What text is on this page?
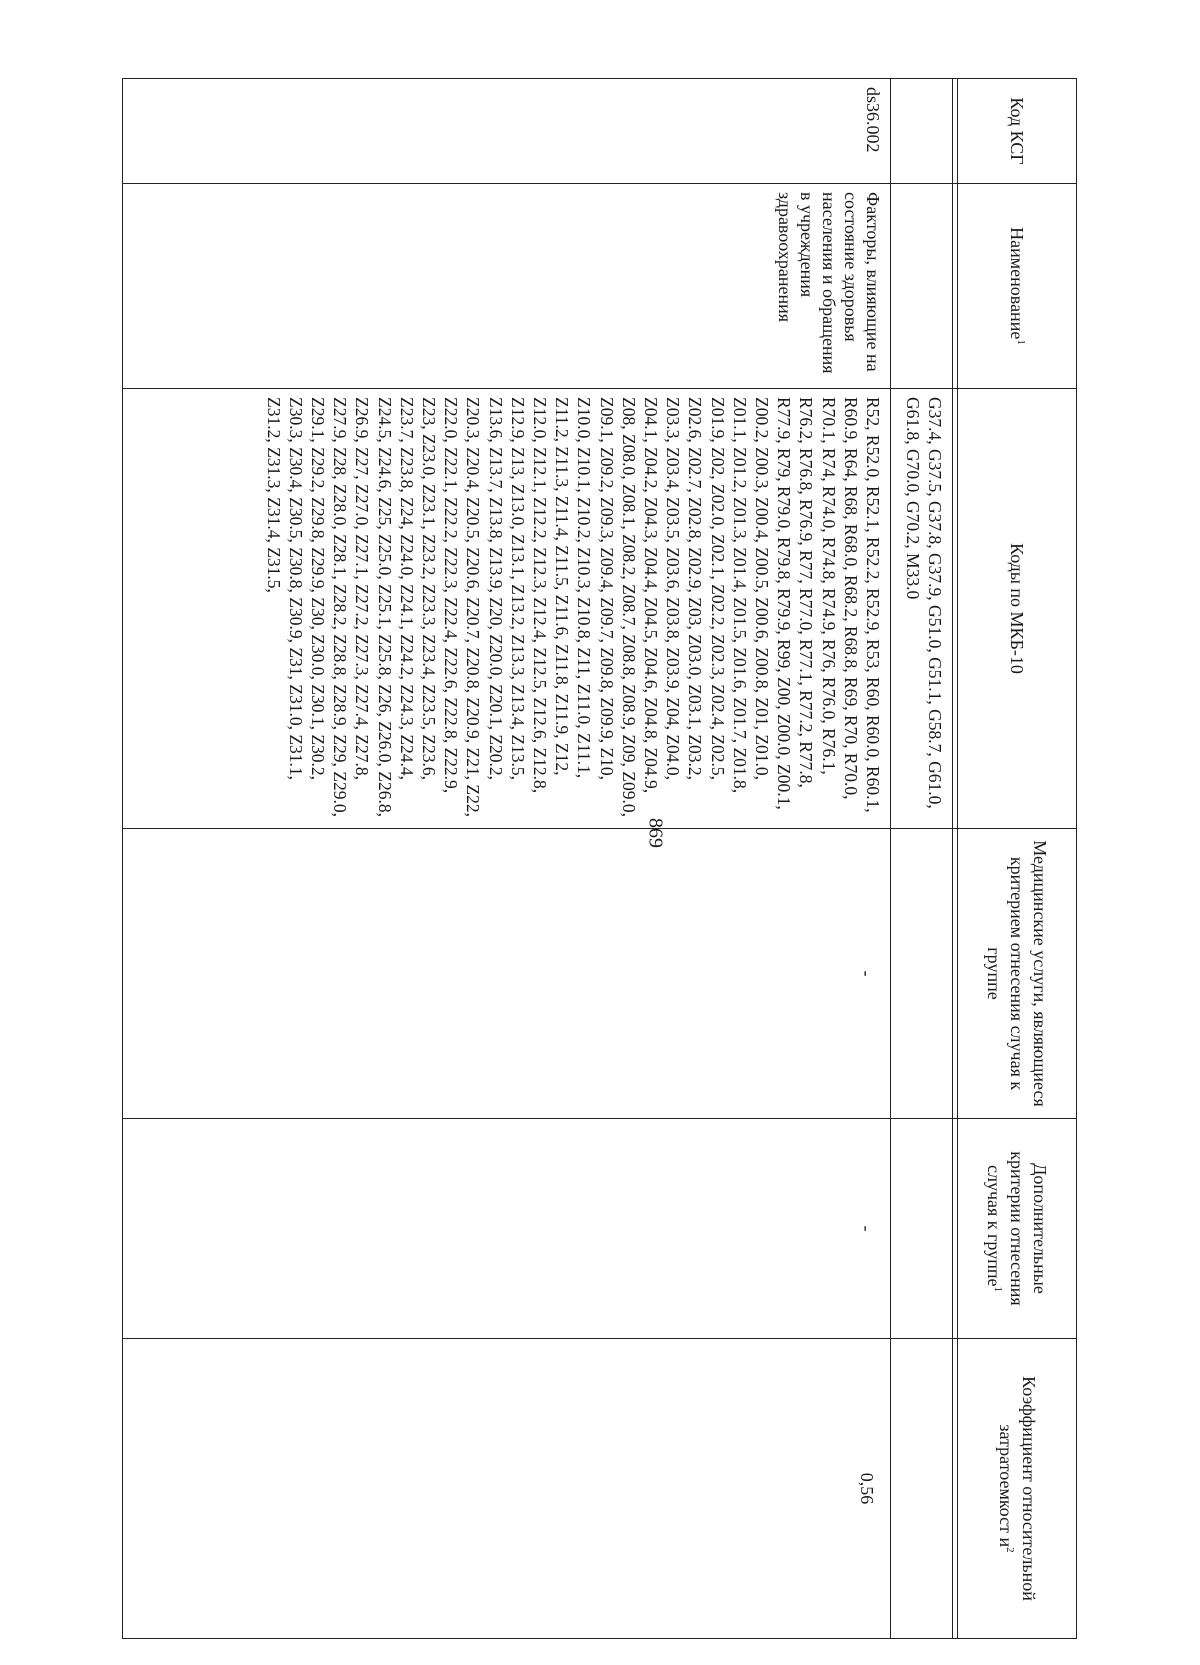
869
Код КСГ	Наименование$^1$	Коды по МКБ-10	Медицинские услуги, являющиеся критерием отнесения случая к группе	Дополнительные критерии отнесения случая к группе$^1$	Коэффициент относительной затратоемкост $и^2$

		G37.4, G37.5, G37.8, G37.9, G51.0, G51.1, G58.7, G61.0, G61.8, G70.0, G70.2, M33.0			
ds36.002	Факторы, влияющие на состояние здоровья населения и обращения в учреждения здравоохранения	R52, R52.0, R52.1, R52.2, R52.9, R53, R60, R60.0, R60.1, R60.9, R64, R68, R68.0, R68.2, R68.8, R69, R70, R70.0, R70.1, R74, R74.0, R74.8, R74.9, R76, R76.0, R76.1, R76.2, R76.8, R76.9, R77, R77.0, R77.1, R77.2, R77.8, R77.9, R79, R79.0, R79.8, R79.9, R99, Z00, Z00.0, Z00.1, Z00.2, Z00.3, Z00.4, Z00.5, Z00.6, Z00.8, Z01, Z01.0, Z01.1, Z01.2, Z01.3, Z01.4, Z01.5, Z01.6, Z01.7, Z01.8, Z01.9, Z02, Z02.0, Z02.1, Z02.2, Z02.3, Z02.4, Z02.5, Z02.6, Z02.7, Z02.8, Z02.9, Z03, Z03.0, Z03.1, Z03.2, Z03.3, Z03.4, Z03.5, Z03.6, Z03.8, Z03.9, Z04, Z04.0, Z04.1, Z04.2, Z04.3, Z04.4, Z04.5, Z04.6, Z04.8, Z04.9, Z08, Z08.0, Z08.1, Z08.2, Z08.7, Z08.8, Z08.9, Z09, Z09.0, Z09.1, Z09.2, Z09.3, Z09.4, Z09.7, Z09.8, Z09.9, Z10, Z10.0, Z10.1, Z10.2, Z10.3, Z10.8, Z11, Z11.0, Z11.1, Z11.2, Z11.3, Z11.4, Z11.5, Z11.6, Z11.8, Z11.9, Z12, Z12.0, Z12.1, Z12.2, Z12.3, Z12.4, Z12.5, Z12.6, Z12.8, Z12.9, Z13, Z13.0, Z13.1, Z13.2, Z13.3, Z13.4, Z13.5, Z13.6, Z13.7, Z13.8, Z13.9, Z20, Z20.0, Z20.1, Z20.2, Z20.3, Z20.4, Z20.5, Z20.6, Z20.7, Z20.8, Z20.9, Z21, Z22, Z22.0, Z22.1, Z22.2, Z22.3, Z22.4, Z22.6, Z22.8, Z22.9, Z23, Z23.0, Z23.1, Z23.2, Z23.3, Z23.4, Z23.5, Z23.6, Z23.7, Z23.8, Z24, Z24.0, Z24.1, Z24.2, Z24.3, Z24.4, Z24.5, Z24.6, Z25, Z25.0, Z25.1, Z25.8, Z26, Z26.0, Z26.8, Z26.9, Z27, Z27.0, Z27.1, Z27.2, Z27.3, Z27.4, Z27.8, Z27.9, Z28, Z28.0, Z28.1, Z28.2, Z28.8, Z28.9, Z29, Z29.0, Z29.1, Z29.2, Z29.8, Z29.9, Z30, Z30.0, Z30.1, Z30.2, Z30.3, Z30.4, Z30.5, Z30.8, Z30.9, Z31, Z31.0, Z31.1, Z31.2, Z31.3, Z31.4, Z31.5,	-	-	0,56
